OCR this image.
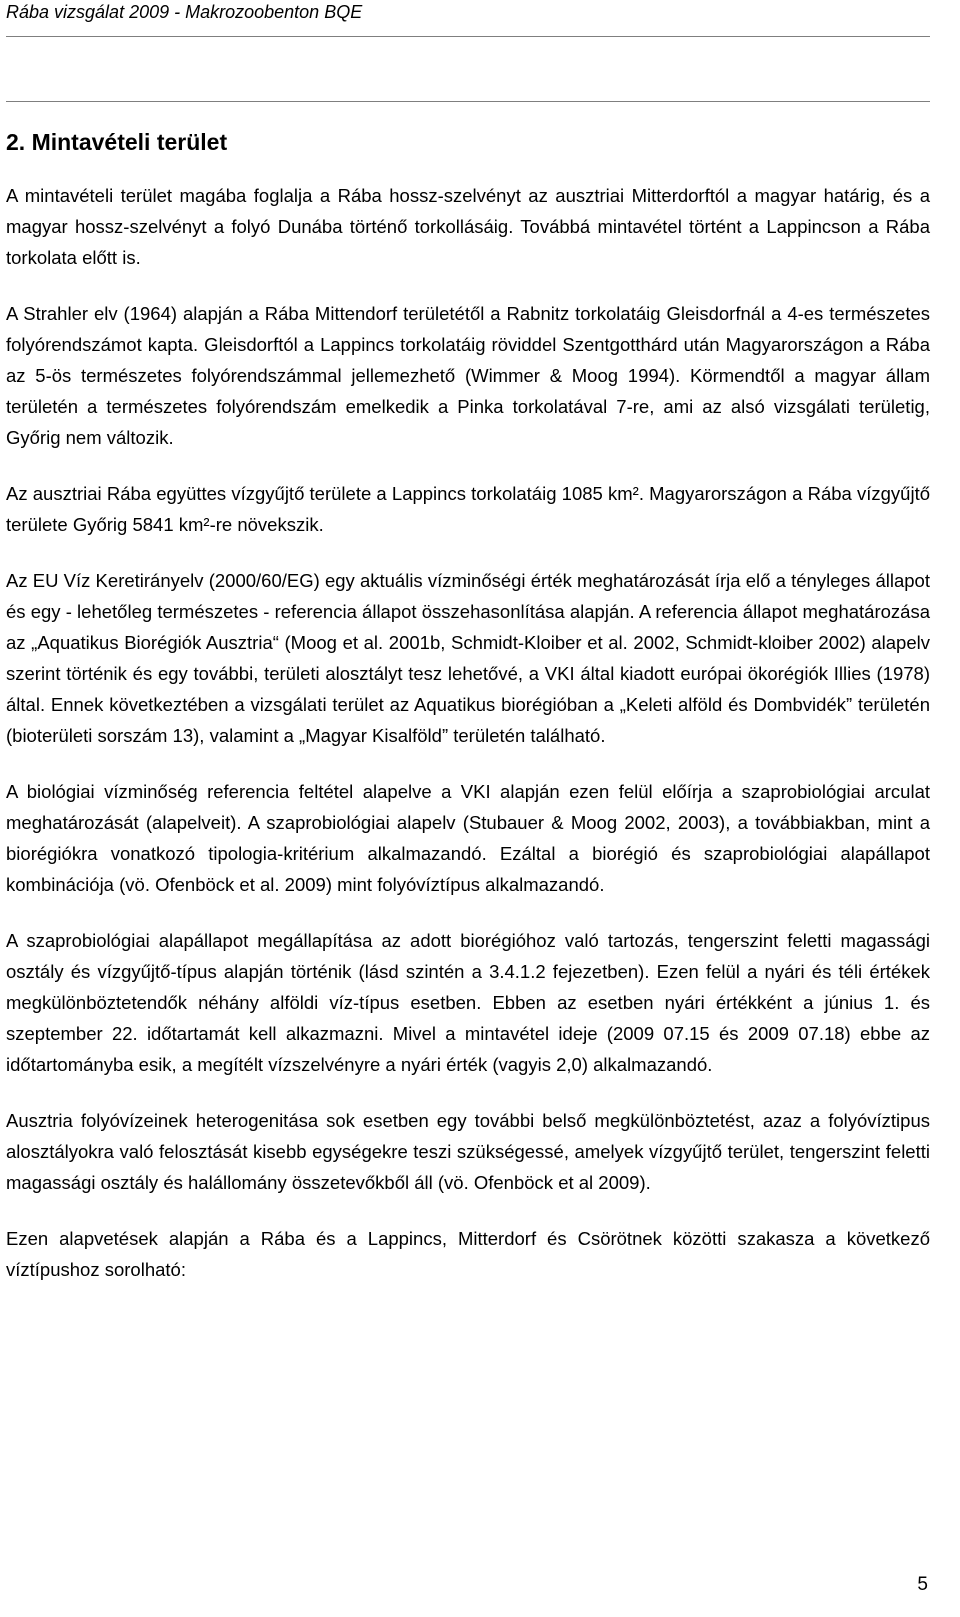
Rába vizsgálat 2009 - Makrozoobenton BQE
2. Mintavételi terület

A mintavételi terület magába foglalja a Rába hossz-szelvényt az ausztriai Mitterdorftól a magyar határig, és a magyar hossz-szelvényt a folyó Dunába történő torkollásáig. Továbbá mintavétel történt a Lappincson a Rába torkolata előtt is.

A Strahler elv (1964) alapján a Rába Mittendorf területétől a Rabnitz torkolatáig Gleisdorfnál a 4-es természetes folyórendszámot kapta. Gleisdorftól a Lappincs torkolatáig röviddel Szentgotthárd után Magyarországon a Rába az 5-ös természetes folyórendszámmal jellemezhető (Wimmer & Moog 1994). Körmendtől a magyar állam területén a természetes folyórendszám emelkedik a Pinka torkolatával 7-re, ami az alsó vizsgálati területig, Győrig nem változik.

Az ausztriai Rába együttes vízgyűjtő területe a Lappincs torkolatáig 1085 km². Magyarországon a Rába vízgyűjtő területe Győrig 5841 km²-re növekszik.

Az EU Víz Keretirányelv (2000/60/EG) egy aktuális vízminőségi érték meghatározását írja elő a tényleges állapot és egy - lehetőleg természetes - referencia állapot összehasonlítása alapján. A referencia állapot meghatározása az „Aquatikus Biorégiók Ausztria“ (Moog et al. 2001b, Schmidt-Kloiber et al. 2002, Schmidt-kloiber 2002) alapelv szerint történik és egy további, területi alosztályt tesz lehetővé, a VKI által kiadott európai ökorégiók Illies (1978) által. Ennek következtében a vizsgálati terület az Aquatikus biorégióban a „Keleti alföld és Dombvidék” területén (bioterületi sorszám 13), valamint a „Magyar Kisalföld” területén található.

A biológiai vízminőség referencia feltétel alapelve a VKI alapján ezen felül előírja a szaprobiológiai arculat meghatározását (alapelveit). A szaprobiológiai alapelv (Stubauer & Moog 2002, 2003), a továbbiakban, mint a biorégiókra vonatkozó tipologia-kritérium alkalmazandó. Ezáltal a biorégió és szaprobiológiai alapállapot kombinációja (vö. Ofenböck et al. 2009) mint folyóvíztípus alkalmazandó.

A szaprobiológiai alapállapot megállapítása az adott biorégióhoz való tartozás, tengerszint feletti magassági osztály és vízgyűjtő-típus alapján történik (lásd szintén a 3.4.1.2 fejezetben). Ezen felül a nyári és téli értékek megkülönböztetendők néhány alföldi víz-típus esetben. Ebben az esetben nyári értékként a június 1. és szeptember 22. időtartamát kell alkazmazni. Mivel a mintavétel ideje (2009 07.15 és 2009 07.18) ebbe az időtartományba esik, a megítélt vízszelvényre a nyári érték (vagyis 2,0) alkalmazandó.

Ausztria folyóvízeinek heterogenitása sok esetben egy további belső megkülönböztetést, azaz a folyóvíztipus alosztályokra való felosztását kisebb egységekre teszi szükségessé, amelyek vízgyűjtő terület, tengerszint feletti magassági osztály és halállomány összetevőkből áll (vö. Ofenböck et al 2009).

Ezen alapvetések alapján a Rába és a Lappincs, Mitterdorf és Csörötnek közötti szakasza a következő víztípushoz sorolható:

5
